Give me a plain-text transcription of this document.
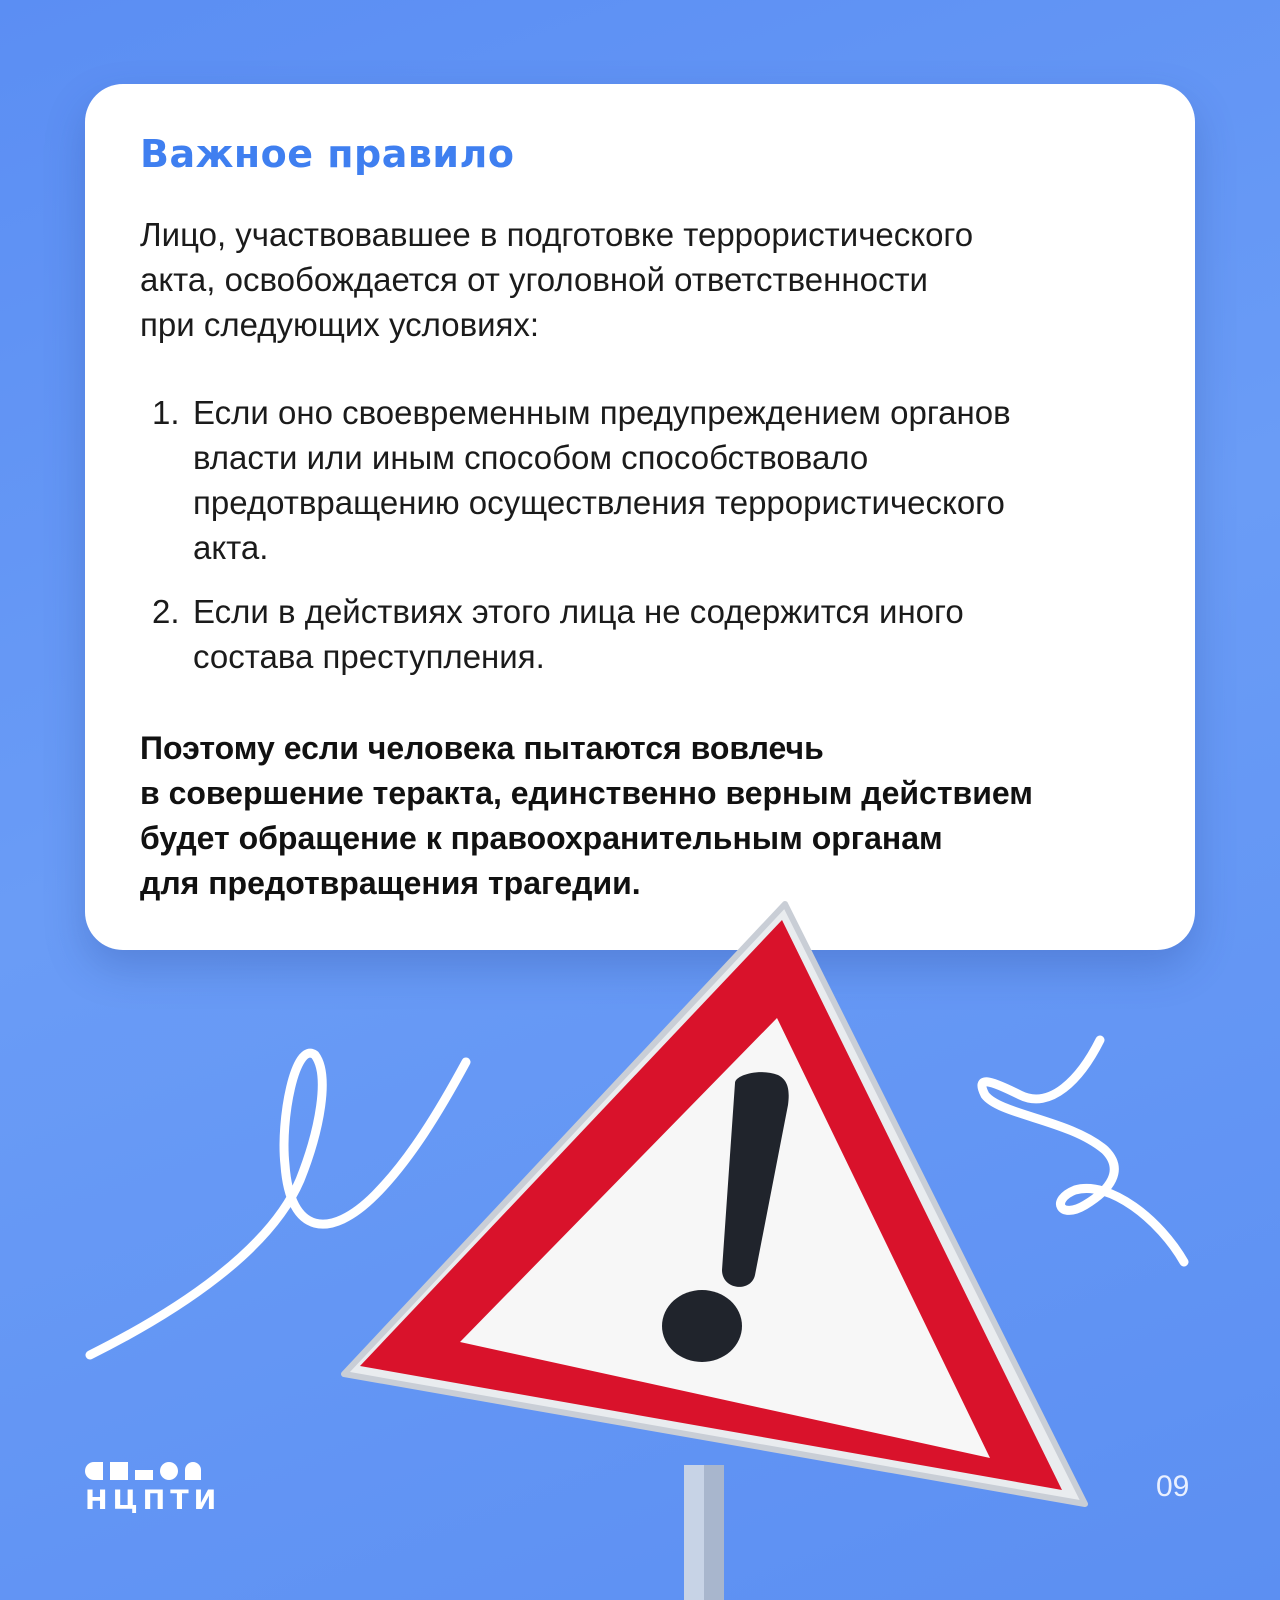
Важное правило

Лицо, участвовавшее в подготовке террористического
акта, освобождается от уголовной ответственности
при следующих условиях:

1. Если оно своевременным предупреждением органов
власти или иным способом способствовало
предотвращению осуществления террористического
акта.
2. Если в действиях этого лица не содержится иного
состава преступления.

Поэтому если человека пытаются вовлечь
в совершение теракта, единственно верным действием
будет обращение к правоохранительным органам
для предотвращения трагедии.

НЦПТИ	09
